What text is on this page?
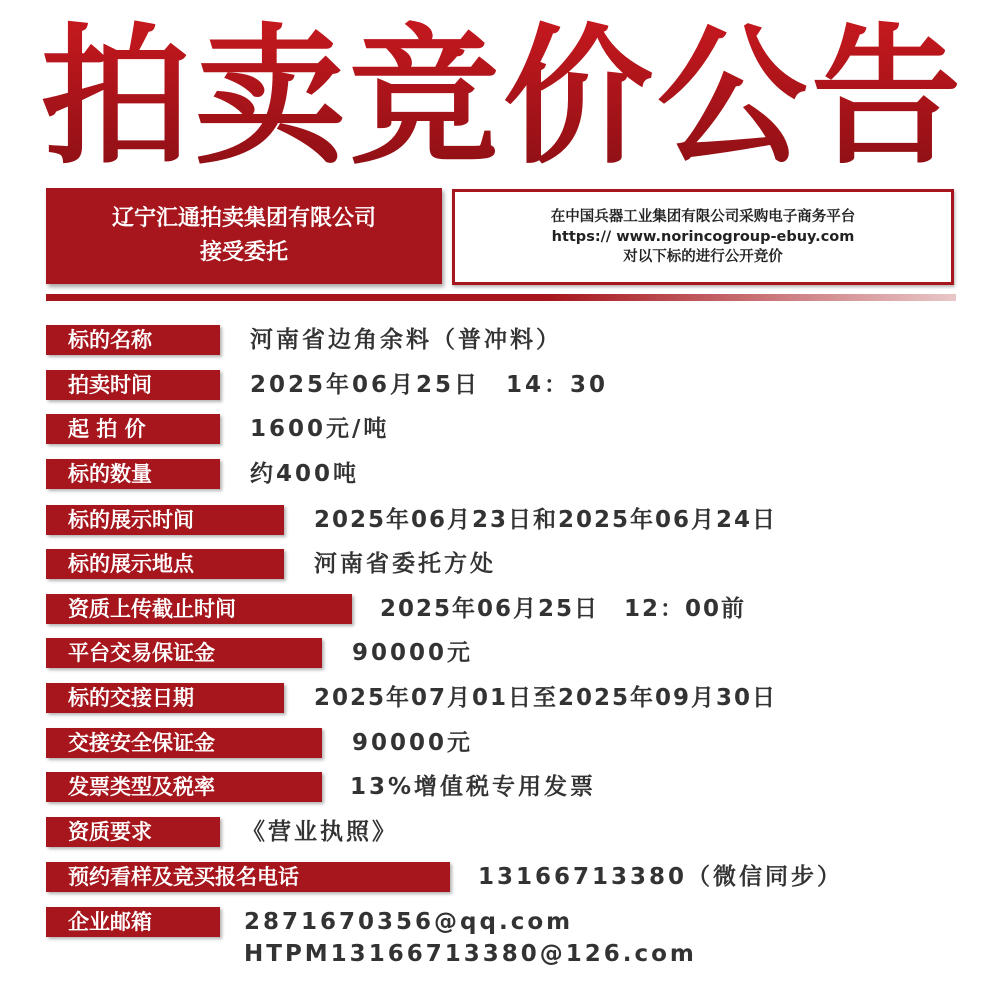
拍卖竞价公告
辽宁汇通拍卖集团有限公司
接受委托
在中国兵器工业集团有限公司采购电子商务平台
https:// www.norincogroup-ebuy.com
对以下标的进行公开竞价
标的名称	河南省边角余料（普冲料）
拍卖时间	2025年06月25日　14：30
起 拍 价	1600元/吨
标的数量	约400吨
标的展示时间	2025年06月23日和2025年06月24日
标的展示地点	河南省委托方处
资质上传截止时间	2025年06月25日　12：00前
平台交易保证金	90000元
标的交接日期	2025年07月01日至2025年09月30日
交接安全保证金	90000元
发票类型及税率	13%增值税专用发票
资质要求	《营业执照》
预约看样及竞买报名电话	13166713380（微信同步）
企业邮箱	2871670356@qq.com
HTPM13166713380@126.com
